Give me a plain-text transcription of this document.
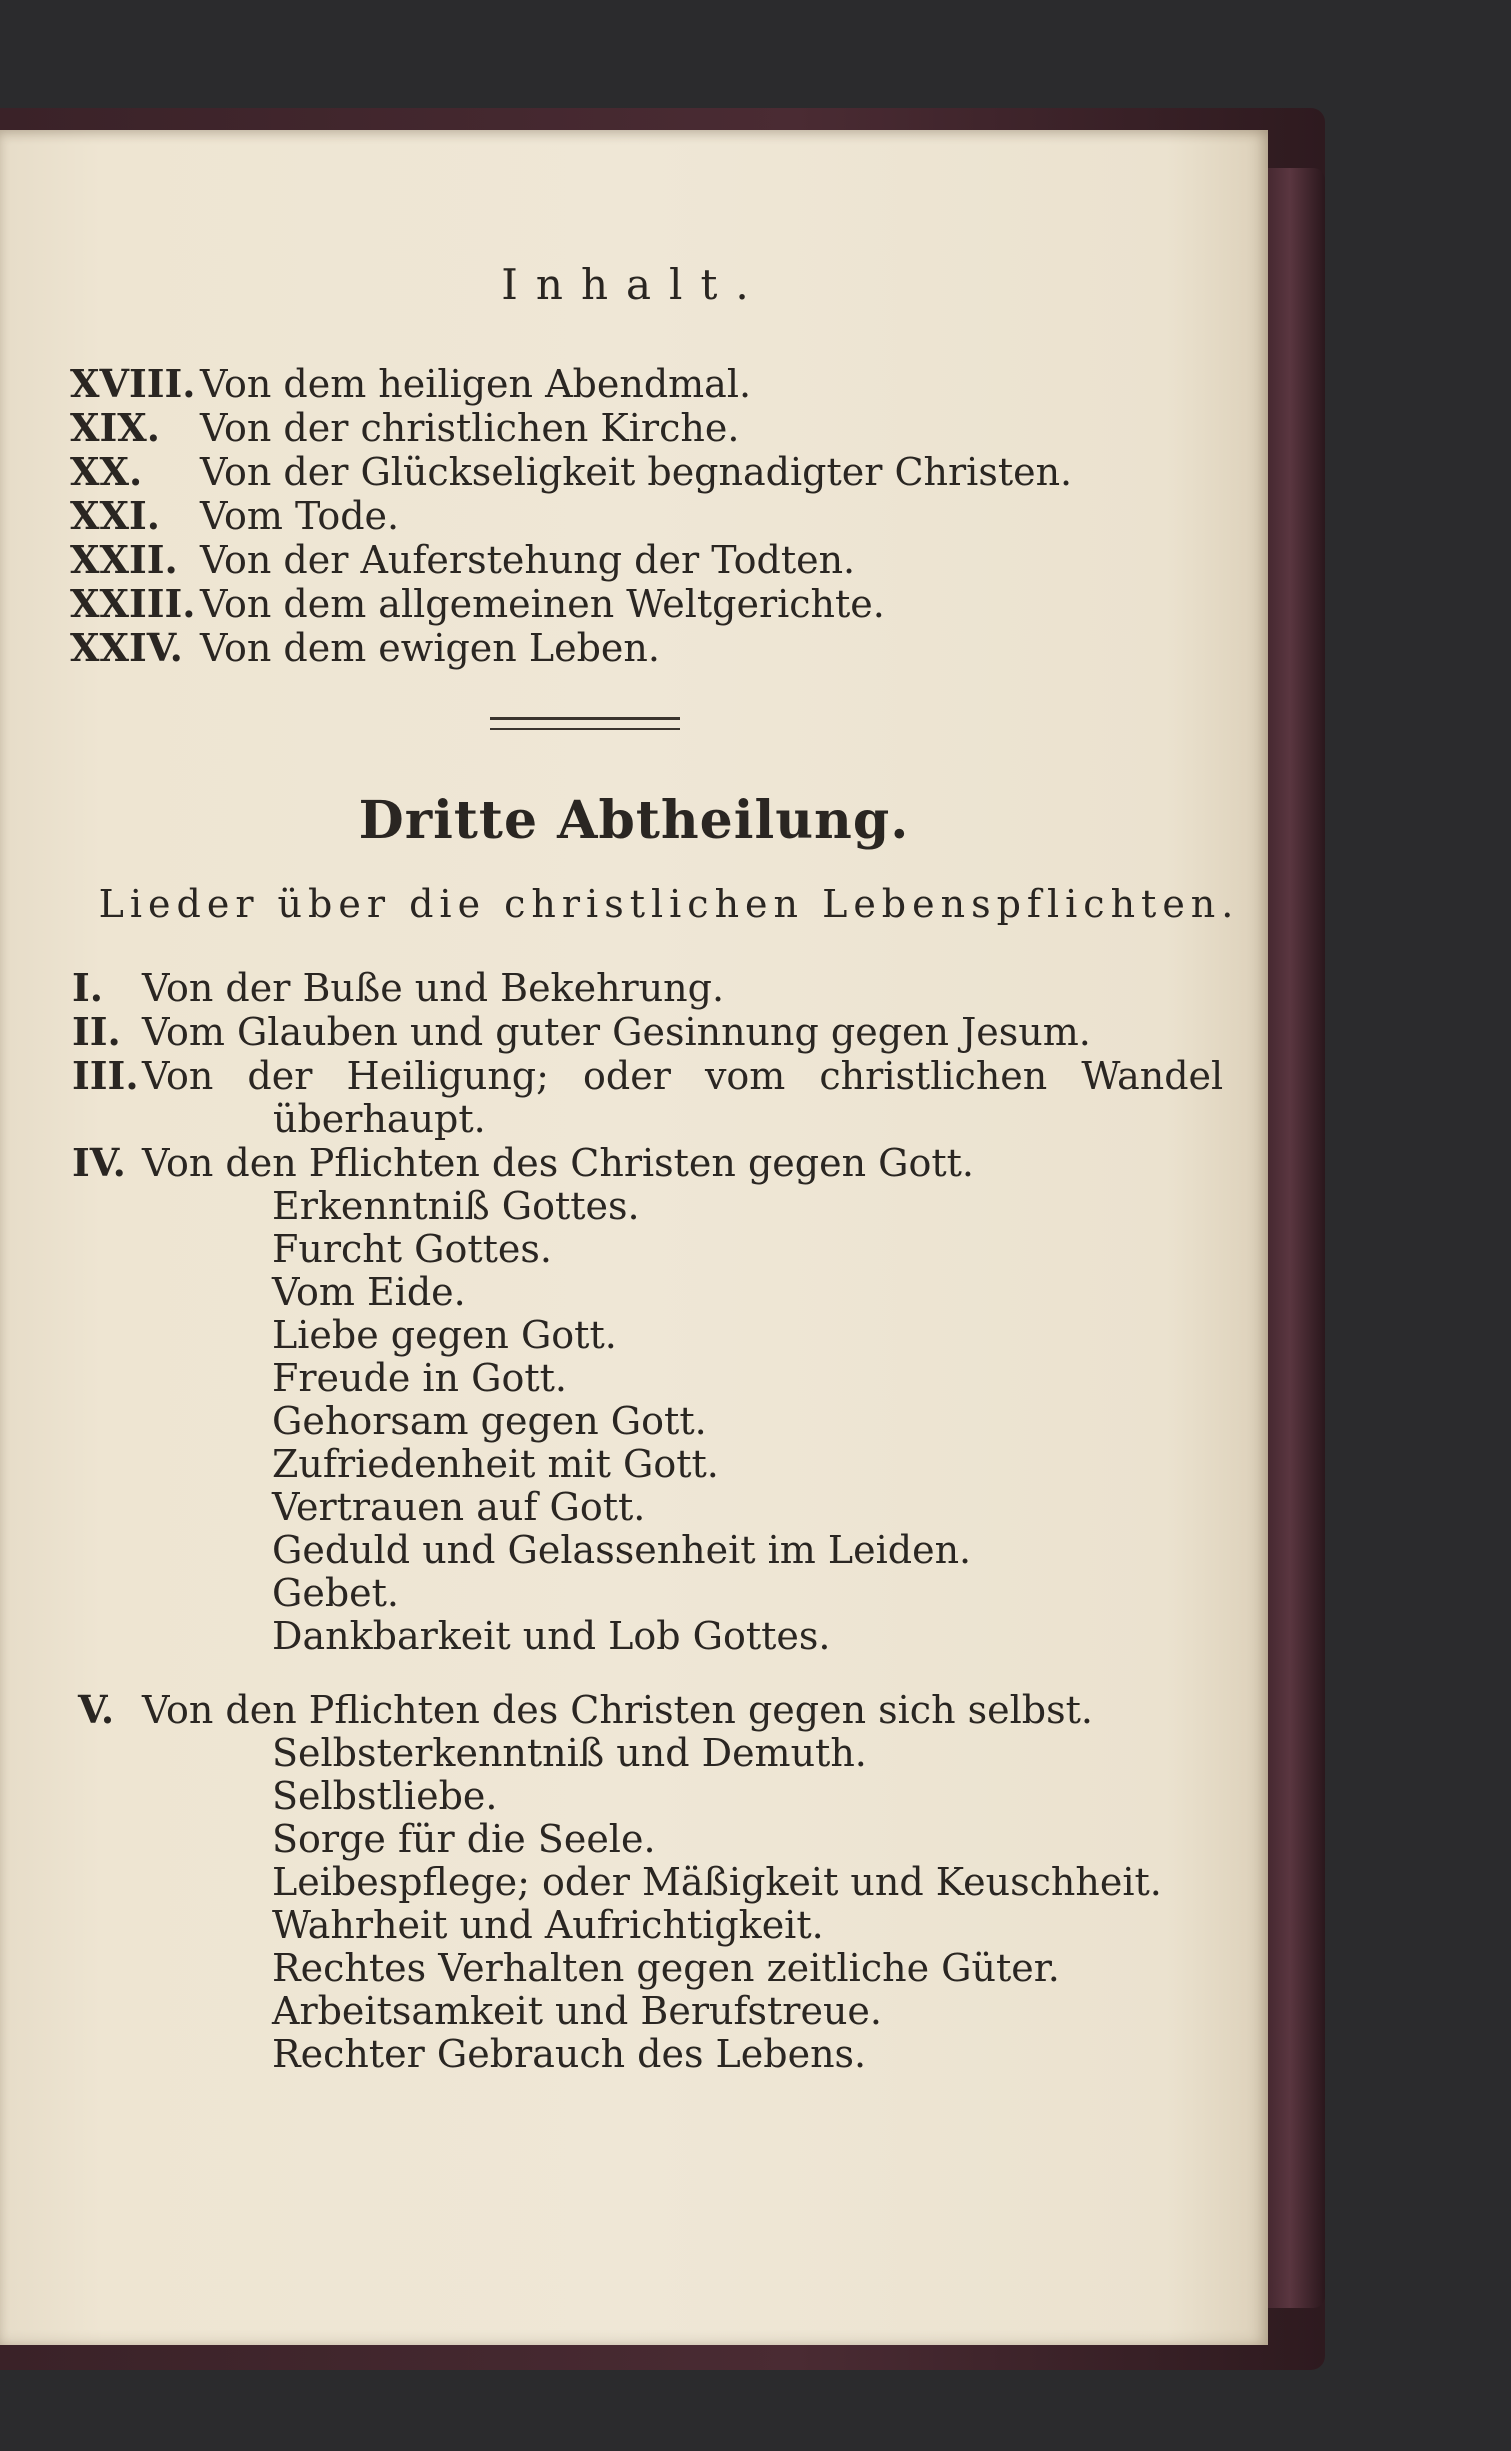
Inhalt.
XVIII. Von dem heiligen Abendmal.
XIX.	Von der christlichen Kirche.
XX.	Von der Glückseligkeit begnadigter Christen.
XXI.	Vom Tode.
XXII. Von der Auferstehung der Todten.
XXIII. Von dem allgemeinen Weltgerichte.
XXIV. Von dem ewigen Leben.
Dritte Abtheilung.
Lieder über die christlichen Lebenspflichten.
I.	Von der Buße und Bekehrung.
II. Vom Glauben und guter Gesinnung gegen Jesum.
III. Von der Heiligung; oder vom christlichen Wandel
überhaupt.
IV. Von den Pflichten des Christen gegen Gott.
Erkenntniß Gottes.
Furcht Gottes.
Vom Eide.
Liebe gegen Gott.
Freude in Gott.
Gehorsam gegen Gott.
Zufriedenheit mit Gott.
Vertrauen auf Gott.
Geduld und Gelassenheit im Leiden.
Gebet.
Dankbarkeit und Lob Gottes.
V. Von den Pflichten des Christen gegen sich selbst.
Selbsterkenntniß und Demuth.
Selbstliebe.
Sorge für die Seele.
Leibespflege; oder Mäßigkeit und Keuschheit.
Wahrheit und Aufrichtigkeit.
Rechtes Verhalten gegen zeitliche Güter.
Arbeitsamkeit und Berufstreue.
Rechter Gebrauch des Lebens.
